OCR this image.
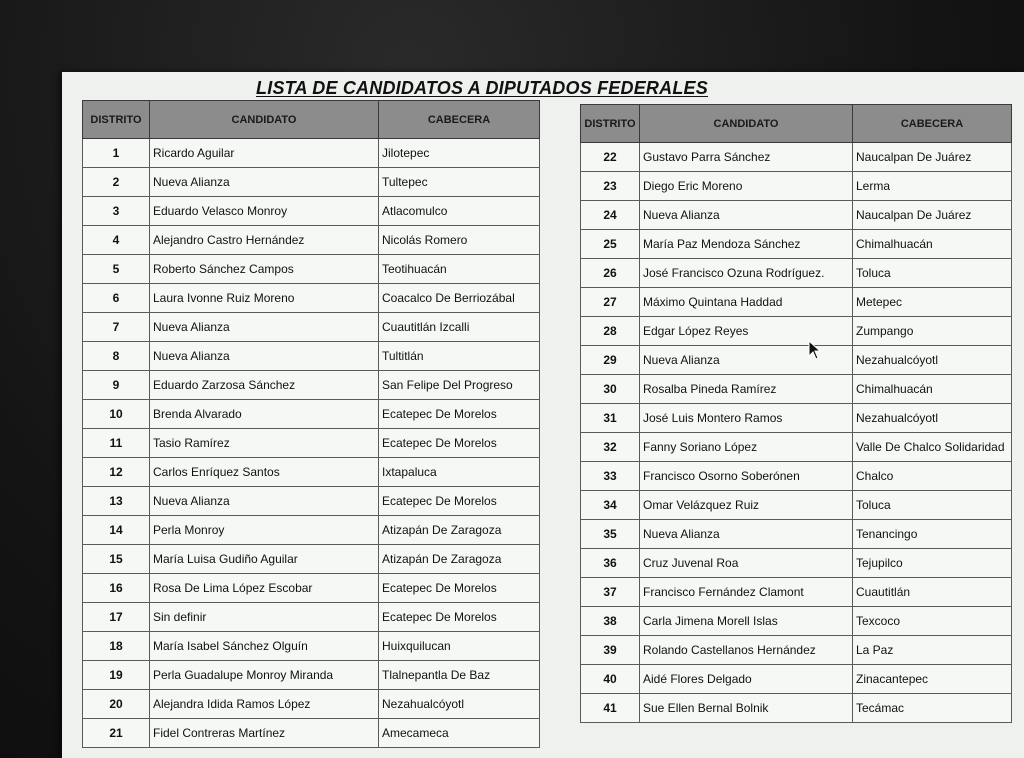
LISTA DE CANDIDATOS A DIPUTADOS FEDERALES
DISTRITO	CANDIDATO	CABECERA
1	Ricardo Aguilar	Jilotepec
2	Nueva Alianza	Tultepec
3	Eduardo Velasco Monroy	Atlacomulco
4	Alejandro Castro Hernández	Nicolás Romero
5	Roberto Sánchez Campos	Teotihuacán
6	Laura Ivonne Ruiz Moreno	Coacalco De Berriozábal
7	Nueva Alianza	Cuautitlán Izcalli
8	Nueva Alianza	Tultitlán
9	Eduardo Zarzosa Sánchez	San Felipe Del Progreso
10	Brenda Alvarado	Ecatepec De Morelos
11	Tasio Ramírez	Ecatepec De Morelos
12	Carlos Enríquez Santos	Ixtapaluca
13	Nueva Alianza	Ecatepec De Morelos
14	Perla Monroy	Atizapán De Zaragoza
15	María Luisa Gudiño Aguilar	Atizapán De Zaragoza
16	Rosa De Lima López Escobar	Ecatepec De Morelos
17	Sin definir	Ecatepec De Morelos
18	María Isabel Sánchez Olguín	Huixquilucan
19	Perla Guadalupe Monroy Miranda	Tlalnepantla De Baz
20	Alejandra Idida Ramos López	Nezahualcóyotl
21	Fidel Contreras Martínez	Amecameca
DISTRITO	CANDIDATO	CABECERA
22	Gustavo Parra Sánchez	Naucalpan De Juárez
23	Diego Eric Moreno	Lerma
24	Nueva Alianza	Naucalpan De Juárez
25	María Paz Mendoza Sánchez	Chimalhuacán
26	José Francisco Ozuna Rodríguez.	Toluca
27	Máximo Quintana Haddad	Metepec
28	Edgar López Reyes	Zumpango
29	Nueva Alianza	Nezahualcóyotl
30	Rosalba Pineda Ramírez	Chimalhuacán
31	José Luis Montero Ramos	Nezahualcóyotl
32	Fanny Soriano López	Valle De Chalco Solidaridad
33	Francisco Osorno Soberónen	Chalco
34	Omar Velázquez Ruiz	Toluca
35	Nueva Alianza	Tenancingo
36	Cruz Juvenal Roa	Tejupilco
37	Francisco Fernández Clamont	Cuautitlán
38	Carla Jimena Morell Islas	Texcoco
39	Rolando Castellanos Hernández	La Paz
40	Aidé Flores Delgado	Zinacantepec
41	Sue Ellen Bernal Bolnik	Tecámac
